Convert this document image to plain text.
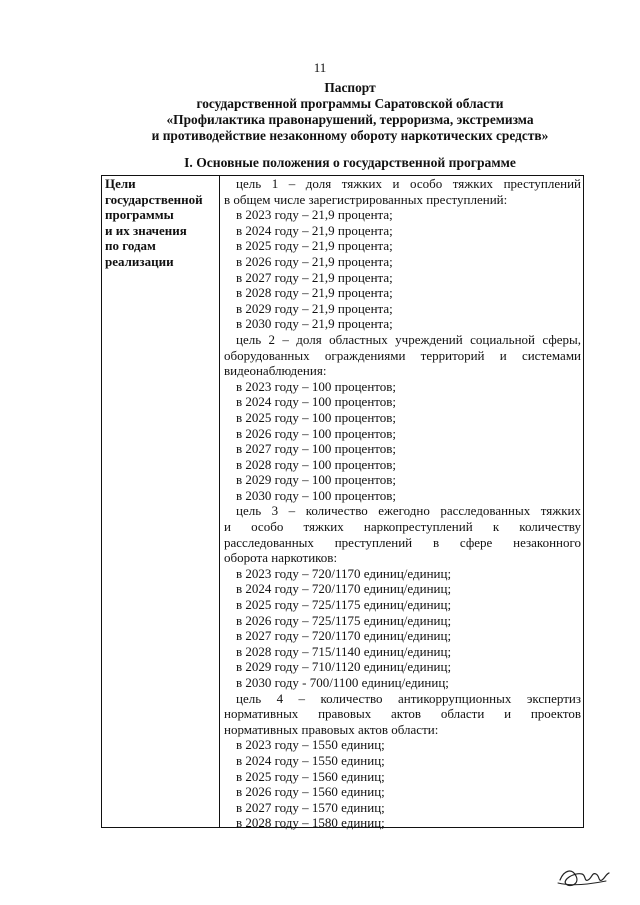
11
Паспорт
государственной программы Саратовской области
«Профилактика правонарушений, терроризма, экстремизма
и противодействие незаконному обороту наркотических средств»
I. Основные положения о государственной программе
Цели
государственной
программы
и их значения
по годам
реализации
цель 1 – доля тяжких и особо тяжких преступлений
в общем числе зарегистрированных преступлений:
в 2023 году – 21,9 процента;
в 2024 году – 21,9 процента;
в 2025 году – 21,9 процента;
в 2026 году – 21,9 процента;
в 2027 году – 21,9 процента;
в 2028 году – 21,9 процента;
в 2029 году – 21,9 процента;
в 2030 году – 21,9 процента;
цель 2 – доля областных учреждений социальной сферы,
оборудованных ограждениями территорий и системами
видеонаблюдения:
в 2023 году – 100 процентов;
в 2024 году – 100 процентов;
в 2025 году – 100 процентов;
в 2026 году – 100 процентов;
в 2027 году – 100 процентов;
в 2028 году – 100 процентов;
в 2029 году – 100 процентов;
в 2030 году – 100 процентов;
цель 3 – количество ежегодно расследованных тяжких
и особо тяжких наркопреступлений к количеству
расследованных преступлений в сфере незаконного
оборота наркотиков:
в 2023 году – 720/1170 единиц/единиц;
в 2024 году – 720/1170 единиц/единиц;
в 2025 году – 725/1175 единиц/единиц;
в 2026 году – 725/1175 единиц/единиц;
в 2027 году – 720/1170 единиц/единиц;
в 2028 году – 715/1140 единиц/единиц;
в 2029 году – 710/1120 единиц/единиц;
в 2030 году - 700/1100 единиц/единиц;
цель 4 – количество антикоррупционных экспертиз
нормативных правовых актов области и проектов
нормативных правовых актов области:
в 2023 году – 1550 единиц;
в 2024 году – 1550 единиц;
в 2025 году – 1560 единиц;
в 2026 году – 1560 единиц;
в 2027 году – 1570 единиц;
в 2028 году – 1580 единиц;
